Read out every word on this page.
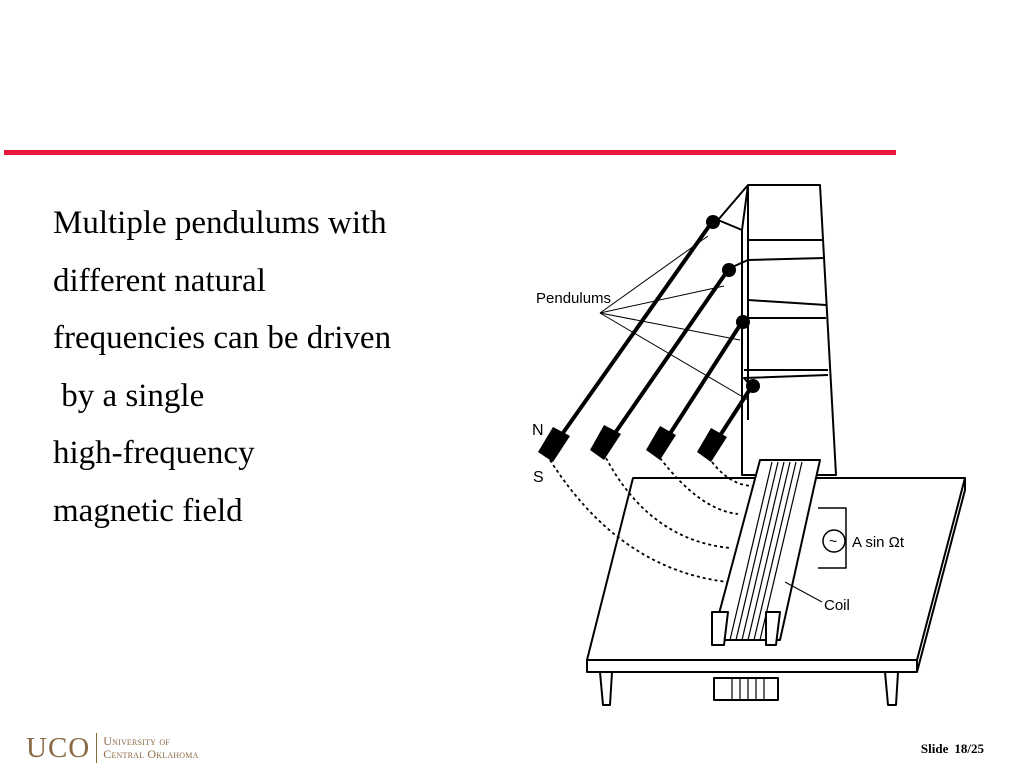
Multiple pendulums with
different natural
frequencies can be driven
by a single
high-frequency
magnetic field
Pendulums
N
S
~ A sin Ωt
Coil
UCO University of
Central Oklahoma	Slide 18/25
